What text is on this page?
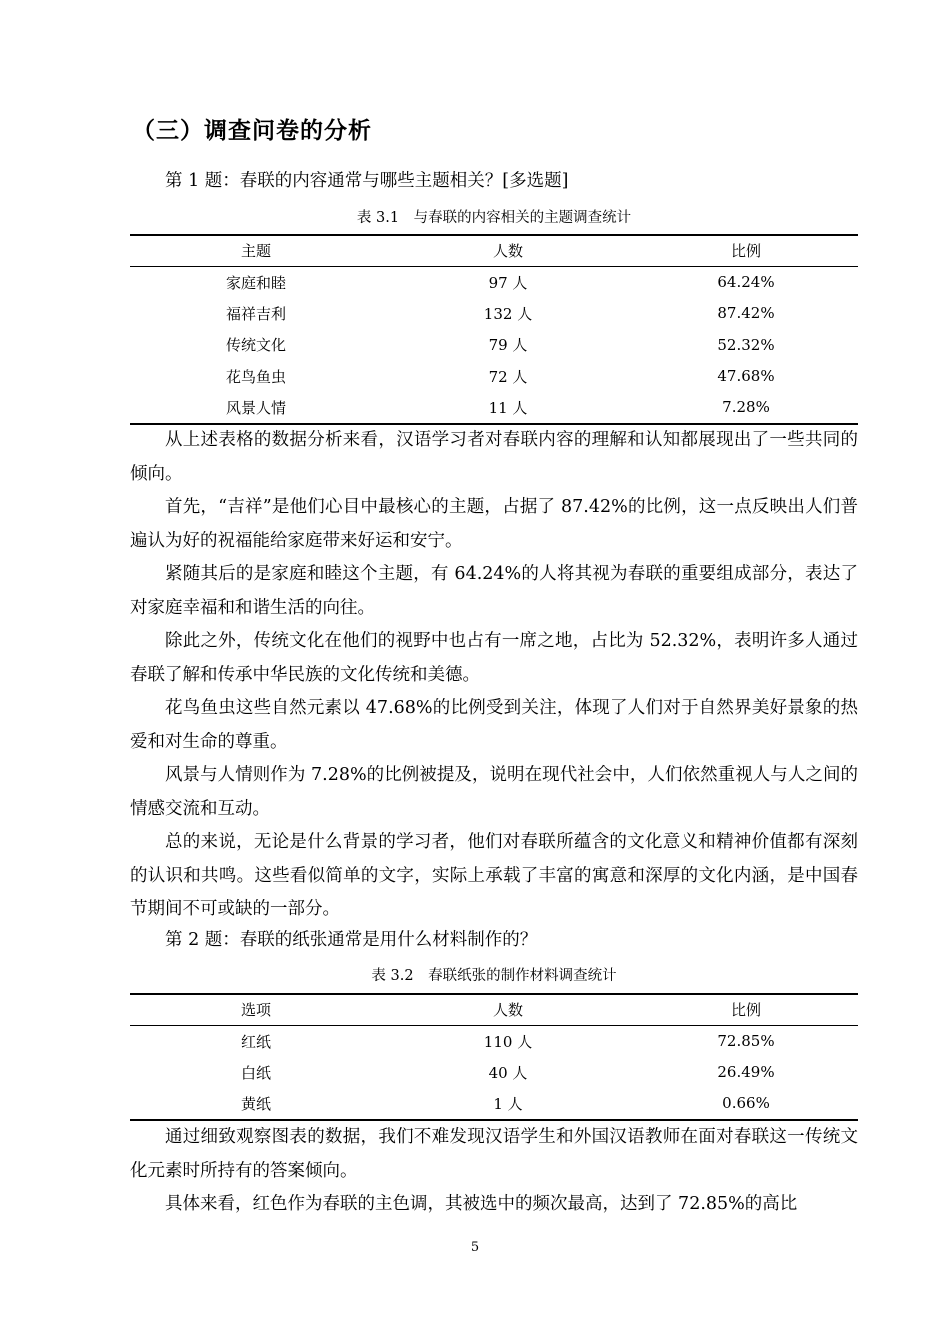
（三）调查问卷的分析

第 1 题：春联的内容通常与哪些主题相关？[多选题]

表 3.1　与春联的内容相关的主题调查统计

主题	人数	比例
家庭和睦	97 人	64.24%
福祥吉利	132 人	87.42%
传统文化	79 人	52.32%
花鸟鱼虫	72 人	47.68%
风景人情	11 人	7.28%

从上述表格的数据分析来看，汉语学习者对春联内容的理解和认知都展现出了一些共同的倾向。

首先，“吉祥”是他们心目中最核心的主题，占据了 87.42%的比例，这一点反映出人们普遍认为好的祝福能给家庭带来好运和安宁。

紧随其后的是家庭和睦这个主题，有 64.24%的人将其视为春联的重要组成部分，表达了对家庭幸福和和谐生活的向往。

除此之外，传统文化在他们的视野中也占有一席之地，占比为 52.32%，表明许多人通过春联了解和传承中华民族的文化传统和美德。

花鸟鱼虫这些自然元素以 47.68%的比例受到关注，体现了人们对于自然界美好景象的热爱和对生命的尊重。

风景与人情则作为 7.28%的比例被提及，说明在现代社会中，人们依然重视人与人之间的情感交流和互动。

总的来说，无论是什么背景的学习者，他们对春联所蕴含的文化意义和精神价值都有深刻的认识和共鸣。这些看似简单的文字，实际上承载了丰富的寓意和深厚的文化内涵，是中国春节期间不可或缺的一部分。

第 2 题：春联的纸张通常是用什么材料制作的？

表 3.2　春联纸张的制作材料调查统计

选项	人数	比例
红纸	110 人	72.85%
白纸	40 人	26.49%
黄纸	1 人	0.66%

通过细致观察图表的数据，我们不难发现汉语学生和外国汉语教师在面对春联这一传统文化元素时所持有的答案倾向。

具体来看，红色作为春联的主色调，其被选中的频次最高，达到了 72.85%的高比

5
